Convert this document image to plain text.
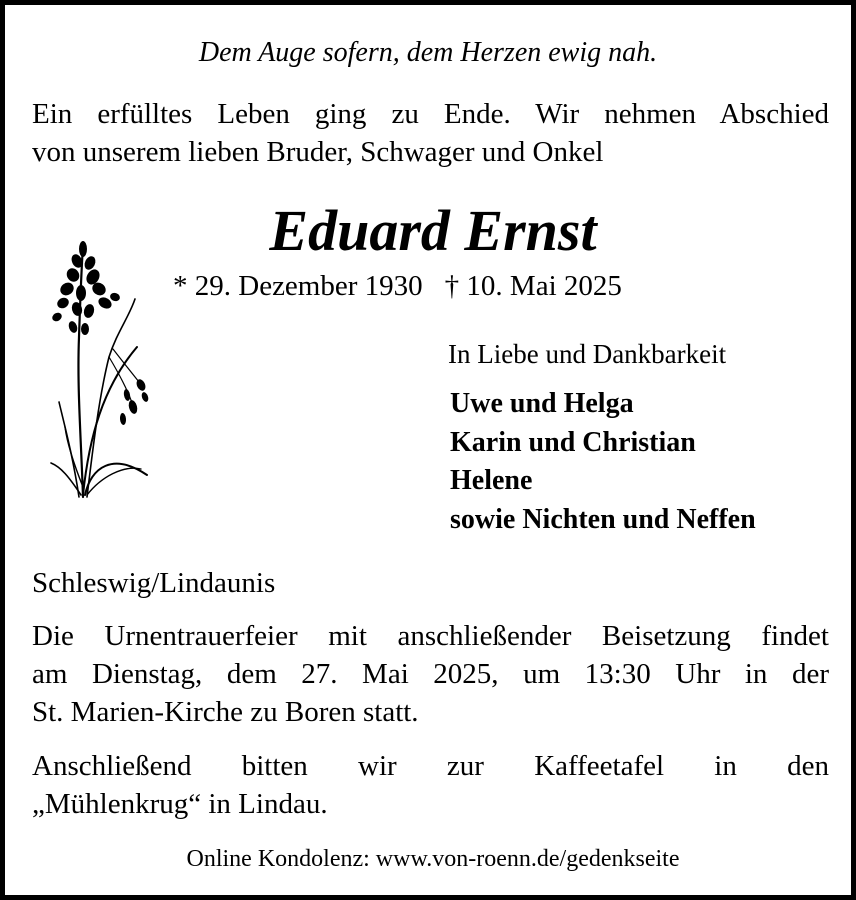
Dem Auge sofern, dem Herzen ewig nah.
Ein erfülltes Leben ging zu Ende. Wir nehmen Abschied
von unserem lieben Bruder, Schwager und Onkel
Eduard Ernst
* 29. Dezember 1930 † 10. Mai 2025
In Liebe und Dankbarkeit
Uwe und Helga
Karin und Christian
Helene
sowie Nichten und Neffen
Schleswig/Lindaunis
Die Urnentrauerfeier mit anschließender Beisetzung findet
am Dienstag, dem 27. Mai 2025, um 13:30 Uhr in der
St. Marien-Kirche zu Boren statt.
Anschließend bitten wir zur Kaffeetafel in den
„Mühlenkrug“ in Lindau.
Online Kondolenz: www.von-roenn.de/gedenkseite
